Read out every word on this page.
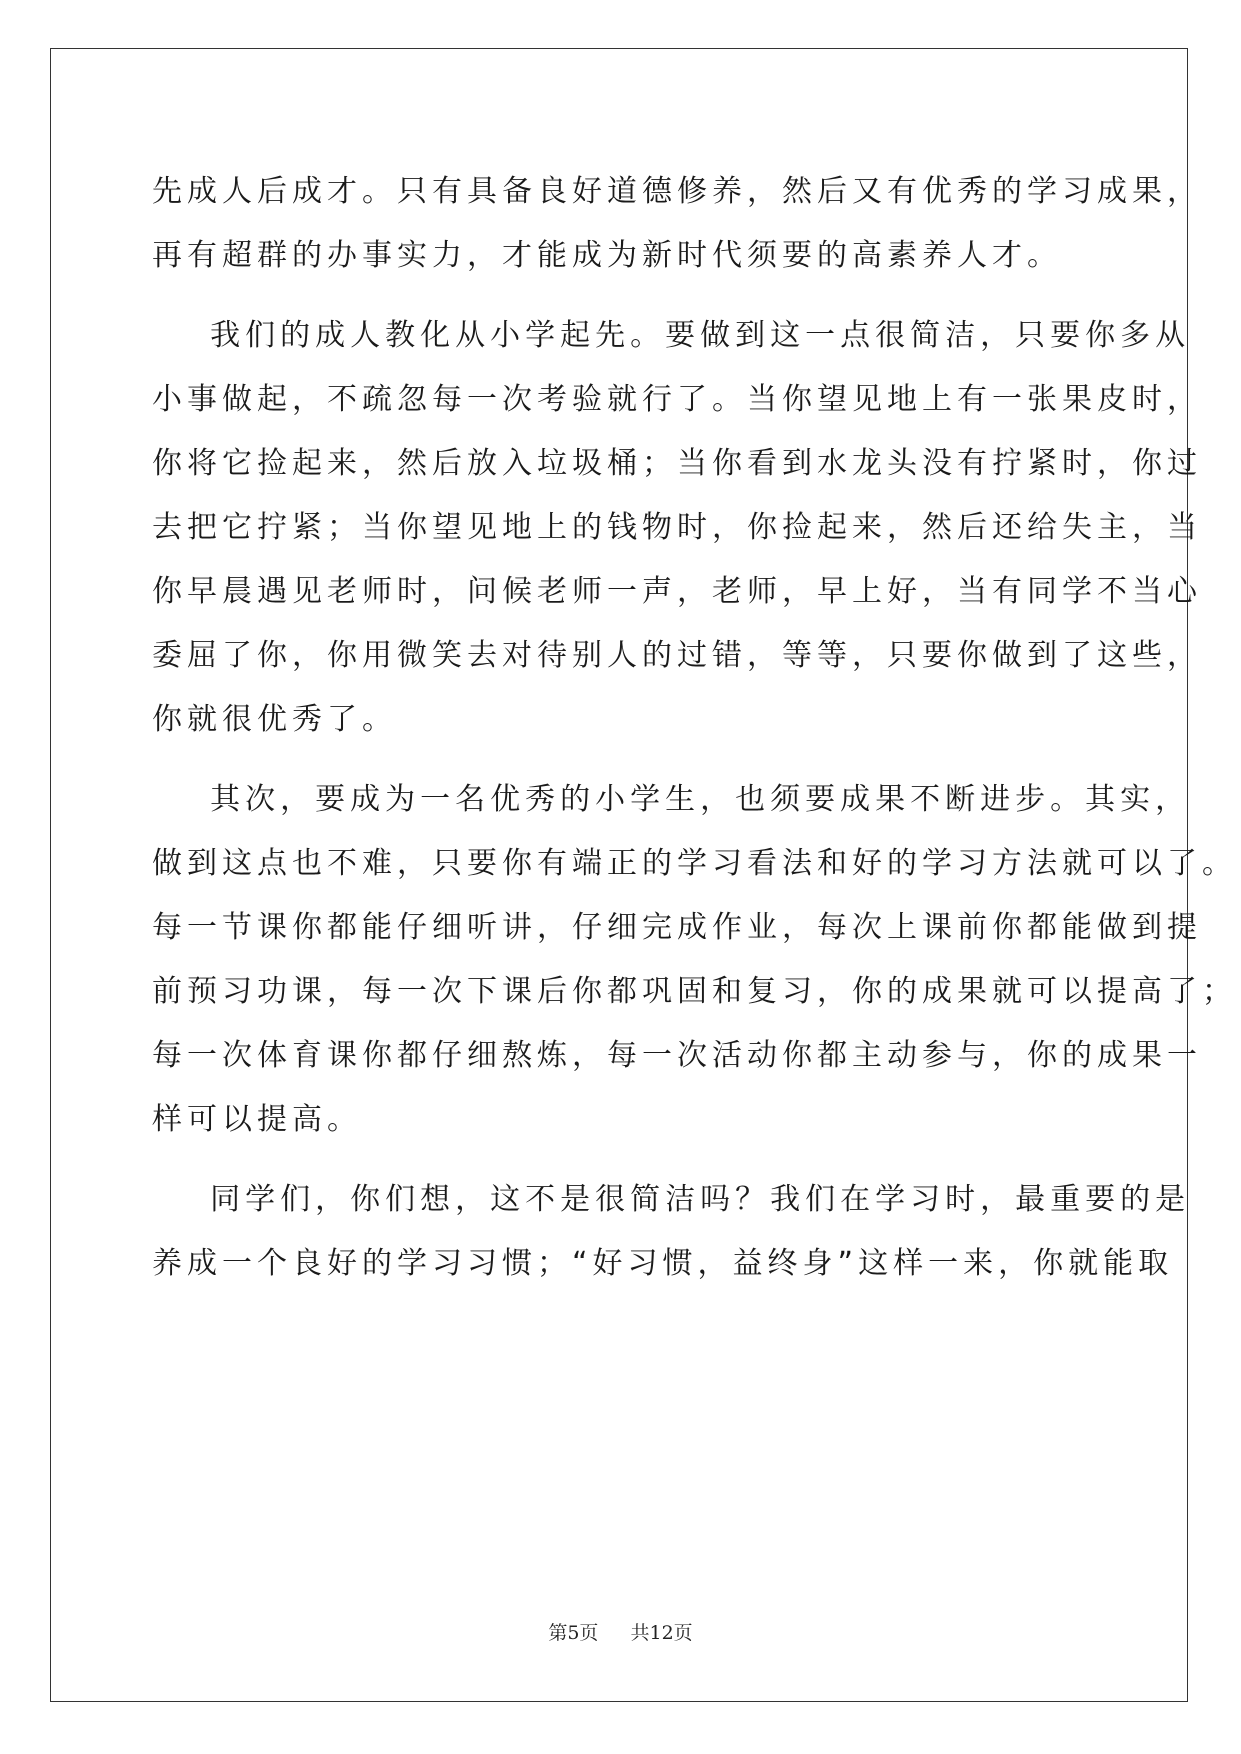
先成人后成才。只有具备良好道德修养，然后又有优秀的学习成果，
再有超群的办事实力，才能成为新时代须要的高素养人才。
我们的成人教化从小学起先。要做到这一点很简洁，只要你多从
小事做起，不疏忽每一次考验就行了。当你望见地上有一张果皮时，
你将它捡起来，然后放入垃圾桶；当你看到水龙头没有拧紧时，你过
去把它拧紧；当你望见地上的钱物时，你捡起来，然后还给失主，当
你早晨遇见老师时，问候老师一声，老师，早上好，当有同学不当心
委屈了你，你用微笑去对待别人的过错，等等，只要你做到了这些，
你就很优秀了。
其次，要成为一名优秀的小学生，也须要成果不断进步。其实，
做到这点也不难，只要你有端正的学习看法和好的学习方法就可以了。
每一节课你都能仔细听讲，仔细完成作业，每次上课前你都能做到提
前预习功课，每一次下课后你都巩固和复习，你的成果就可以提高了；
每一次体育课你都仔细熬炼，每一次活动你都主动参与，你的成果一
样可以提高。
同学们，你们想，这不是很简洁吗？我们在学习时，最重要的是
养成一个良好的学习习惯；“好习惯，益终身”这样一来，你就能取
第5页 共12页
